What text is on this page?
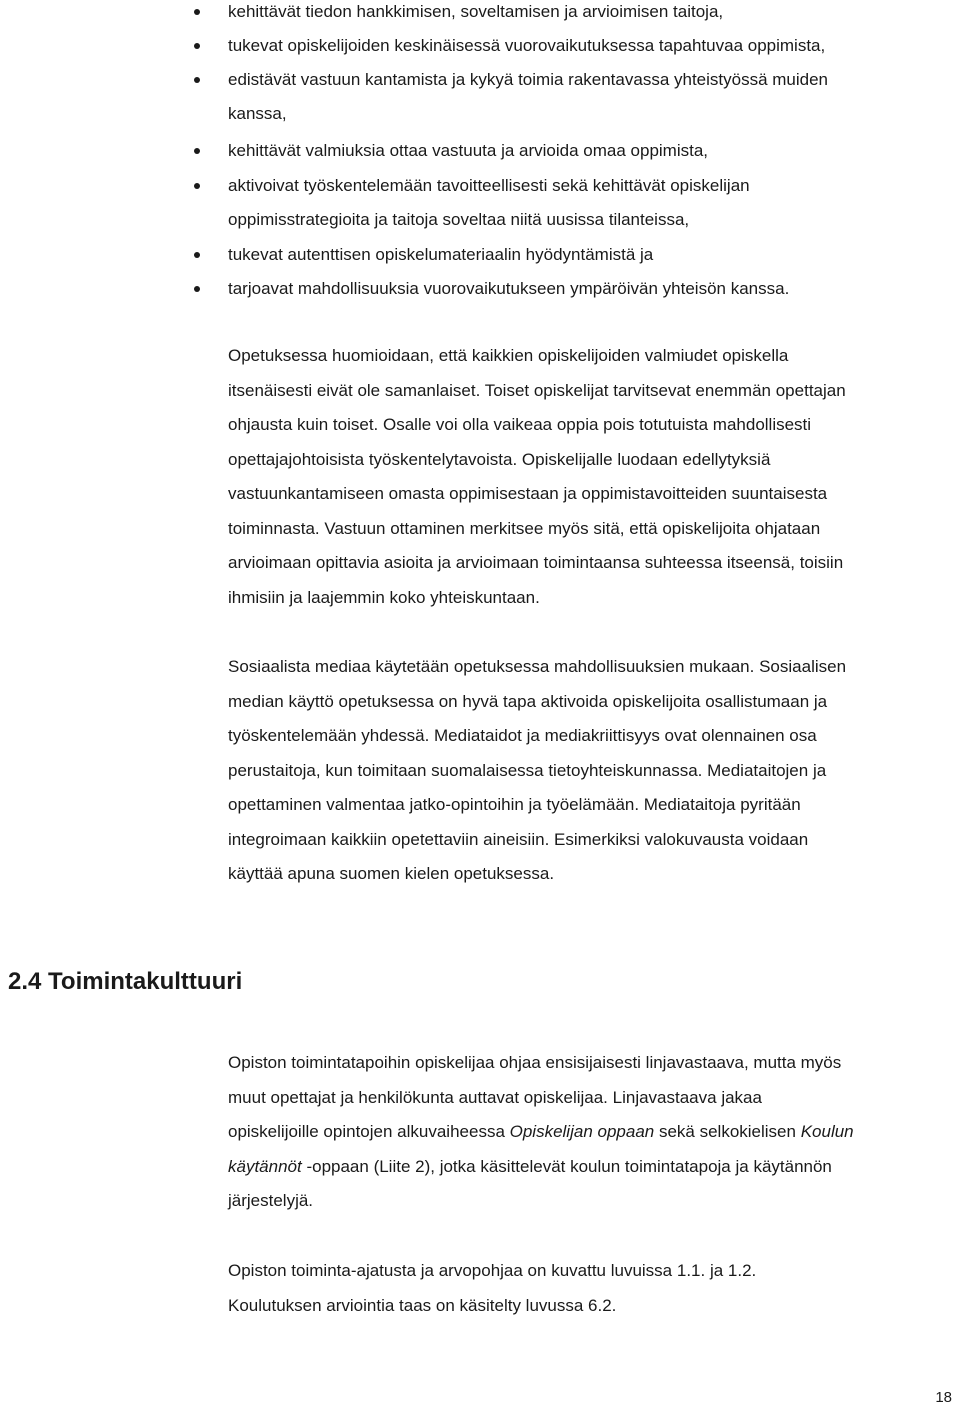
kehittävät tiedon hankkimisen, soveltamisen ja arvioimisen taitoja,
tukevat opiskelijoiden keskinäisessä vuorovaikutuksessa tapahtuvaa oppimista,
edistävät vastuun kantamista ja kykyä toimia rakentavassa yhteistyössä muiden
kanssa,
kehittävät valmiuksia ottaa vastuuta ja arvioida omaa oppimista,
aktivoivat työskentelemään tavoitteellisesti sekä kehittävät opiskelijan
oppimisstrategioita ja taitoja soveltaa niitä uusissa tilanteissa,
tukevat autenttisen opiskelumateriaalin hyödyntämistä ja
tarjoavat mahdollisuuksia vuorovaikutukseen ympäröivän yhteisön kanssa.
Opetuksessa huomioidaan, että kaikkien opiskelijoiden valmiudet opiskella
itsenäisesti eivät ole samanlaiset. Toiset opiskelijat tarvitsevat enemmän opettajan
ohjausta kuin toiset. Osalle voi olla vaikeaa oppia pois totutuista mahdollisesti
opettajajohtoisista työskentelytavoista. Opiskelijalle luodaan edellytyksiä
vastuunkantamiseen omasta oppimisestaan ja oppimistavoitteiden suuntaisesta
toiminnasta. Vastuun ottaminen merkitsee myös sitä, että opiskelijoita ohjataan
arvioimaan opittavia asioita ja arvioimaan toimintaansa suhteessa itseensä, toisiin
ihmisiin ja laajemmin koko yhteiskuntaan.
Sosiaalista mediaa käytetään opetuksessa mahdollisuuksien mukaan. Sosiaalisen
median käyttö opetuksessa on hyvä tapa aktivoida opiskelijoita osallistumaan ja
työskentelemään yhdessä. Mediataidot ja mediakriittisyys ovat olennainen osa
perustaitoja, kun toimitaan suomalaisessa tietoyhteiskunnassa. Mediataitojen ja
opettaminen valmentaa jatko-opintoihin ja työelämään. Mediataitoja pyritään
integroimaan kaikkiin opetettaviin aineisiin. Esimerkiksi valokuvausta voidaan
käyttää apuna suomen kielen opetuksessa.
2.4 Toimintakulttuuri
Opiston toimintatapoihin opiskelijaa ohjaa ensisijaisesti linjavastaava, mutta myös
muut opettajat ja henkilökunta auttavat opiskelijaa. Linjavastaava jakaa
opiskelijoille opintojen alkuvaiheessa Opiskelijan oppaan sekä selkokielisen Koulun
käytännöt -oppaan (Liite 2), jotka käsittelevät koulun toimintatapoja ja käytännön
järjestelyjä.
Opiston toiminta-ajatusta ja arvopohjaa on kuvattu luvuissa 1.1. ja 1.2.
Koulutuksen arviointia taas on käsitelty luvussa 6.2.
18
